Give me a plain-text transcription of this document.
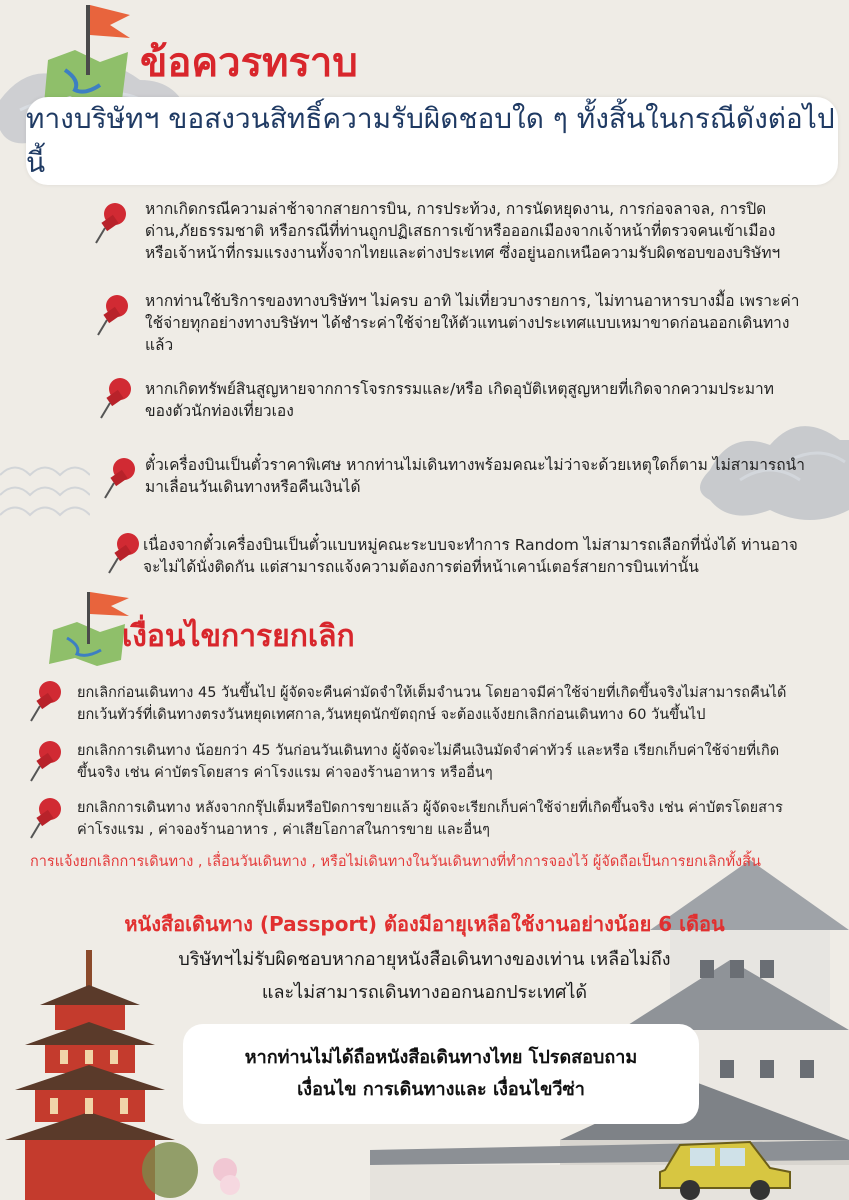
ข้อควรทราบ
ทางบริษัทฯ ขอสงวนสิทธิ์ความรับผิดชอบใด ๆ ทั้งสิ้นในกรณีดังต่อไปนี้
หากเกิดกรณีความล่าช้าจากสายการบิน, การประท้วง, การนัดหยุดงาน, การก่อจลาจล, การปิด
ด่าน,ภัยธรรมชาติ หรือกรณีที่ท่านถูกปฏิเสธการเข้าหรือออกเมืองจากเจ้าหน้าที่ตรวจคนเข้าเมือง
หรือเจ้าหน้าที่กรมแรงงานทั้งจากไทยและต่างประเทศ ซึ่งอยู่นอกเหนือความรับผิดชอบของบริษัทฯ
หากท่านใช้บริการของทางบริษัทฯ ไม่ครบ อาทิ ไม่เที่ยวบางรายการ, ไม่ทานอาหารบางมื้อ เพราะค่า
ใช้จ่ายทุกอย่างทางบริษัทฯ ได้ชำระค่าใช้จ่ายให้ตัวแทนต่างประเทศแบบเหมาขาดก่อนออกเดินทาง
แล้ว
หากเกิดทรัพย์สินสูญหายจากการโจรกรรมและ/หรือ เกิดอุบัติเหตุสูญหายที่เกิดจากความประมาท
ของตัวนักท่องเที่ยวเอง
ตั๋วเครื่องบินเป็นตั๋วราคาพิเศษ หากท่านไม่เดินทางพร้อมคณะไม่ว่าจะด้วยเหตุใดก็ตาม ไม่สามารถนำ
มาเลื่อนวันเดินทางหรือคืนเงินได้
เนื่องจากตั๋วเครื่องบินเป็นตั๋วแบบหมู่คณะระบบจะทำการ Random ไม่สามารถเลือกที่นั่งได้ ท่านอาจ
จะไม่ได้นั่งติดกัน แต่สามารถแจ้งความต้องการต่อที่หน้าเคาน์เตอร์สายการบินเท่านั้น
เงื่อนไขการยกเลิก
ยกเลิกก่อนเดินทาง 45 วันขึ้นไป ผู้จัดจะคืนค่ามัดจำให้เต็มจำนวน โดยอาจมีค่าใช้จ่ายที่เกิดขึ้นจริงไม่สามารถคืนได้
ยกเว้นทัวร์ที่เดินทางตรงวันหยุดเทศกาล,วันหยุดนักขัตฤกษ์ จะต้องแจ้งยกเลิกก่อนเดินทาง 60 วันขึ้นไป
ยกเลิกการเดินทาง น้อยกว่า 45 วันก่อนวันเดินทาง ผู้จัดจะไม่คืนเงินมัดจำค่าทัวร์ และหรือ เรียกเก็บค่าใช้จ่ายที่เกิด
ขึ้นจริง เช่น ค่าบัตรโดยสาร ค่าโรงแรม ค่าจองร้านอาหาร หรืออื่นๆ
ยกเลิกการเดินทาง หลังจากกรุ๊ปเต็มหรือปิดการขายแล้ว ผู้จัดจะเรียกเก็บค่าใช้จ่ายที่เกิดขึ้นจริง เช่น ค่าบัตรโดยสาร
ค่าโรงแรม , ค่าจองร้านอาหาร , ค่าเสียโอกาสในการขาย และอื่นๆ
การแจ้งยกเลิกการเดินทาง , เลื่อนวันเดินทาง , หรือไม่เดินทางในวันเดินทางที่ทำการจองไว้ ผู้จัดถือเป็นการยกเลิกทั้งสิ้น
หนังสือเดินทาง (Passport) ต้องมีอายุเหลือใช้งานอย่างน้อย 6 เดือน
บริษัทฯไม่รับผิดชอบหากอายุหนังสือเดินทางของเท่าน เหลือไม่ถึง
และไม่สามารถเดินทางออกนอกประเทศได้
หากท่านไม่ได้ถือหนังสือเดินทางไทย โปรดสอบถาม
เงื่อนไข การเดินทางและ เงื่อนไขวีซ่า
